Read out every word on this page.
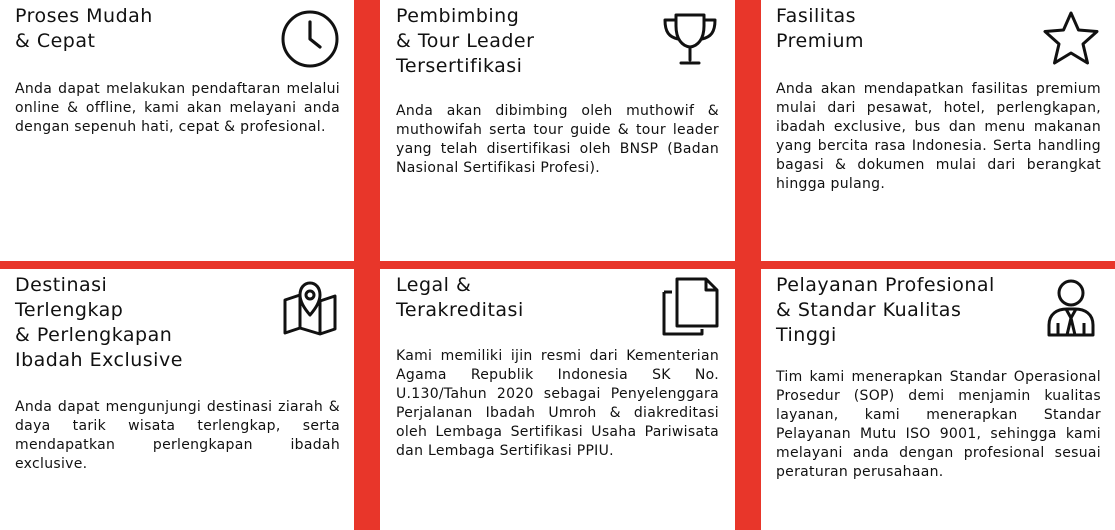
Proses Mudah
& Cepat
Anda dapat melakukan pendaftaran melalui online & offline, kami akan melayani anda dengan sepenuh hati, cepat & profesional.
Pembimbing
& Tour Leader
Tersertifikasi
Anda akan dibimbing oleh muthowif & muthowifah serta tour guide & tour leader yang telah disertifikasi oleh BNSP (Badan Nasional Sertifikasi Profesi).
Fasilitas
Premium
Anda akan mendapatkan fasilitas premium mulai dari pesawat, hotel, perlengkapan, ibadah exclusive, bus dan menu makanan yang bercita rasa Indonesia. Serta handling bagasi & dokumen mulai dari berangkat hingga pulang.
Destinasi
Terlengkap
& Perlengkapan
Ibadah Exclusive
Anda dapat mengunjungi destinasi ziarah & daya tarik wisata terlengkap, serta mendapatkan perlengkapan ibadah exclusive.
Legal &
Terakreditasi
Kami memiliki ijin resmi dari Kementerian Agama Republik Indonesia SK No. U.130/Tahun 2020 sebagai Penyelenggara Perjalanan Ibadah Umroh & diakreditasi oleh Lembaga Sertifikasi Usaha Pariwisata dan Lembaga Sertifikasi PPIU.
Pelayanan Profesional
& Standar Kualitas
Tinggi
Tim kami menerapkan Standar Operasional Prosedur (SOP) demi menjamin kualitas layanan, kami menerapkan Standar Pelayanan Mutu ISO 9001, sehingga kami melayani anda dengan profesional sesuai peraturan perusahaan.
